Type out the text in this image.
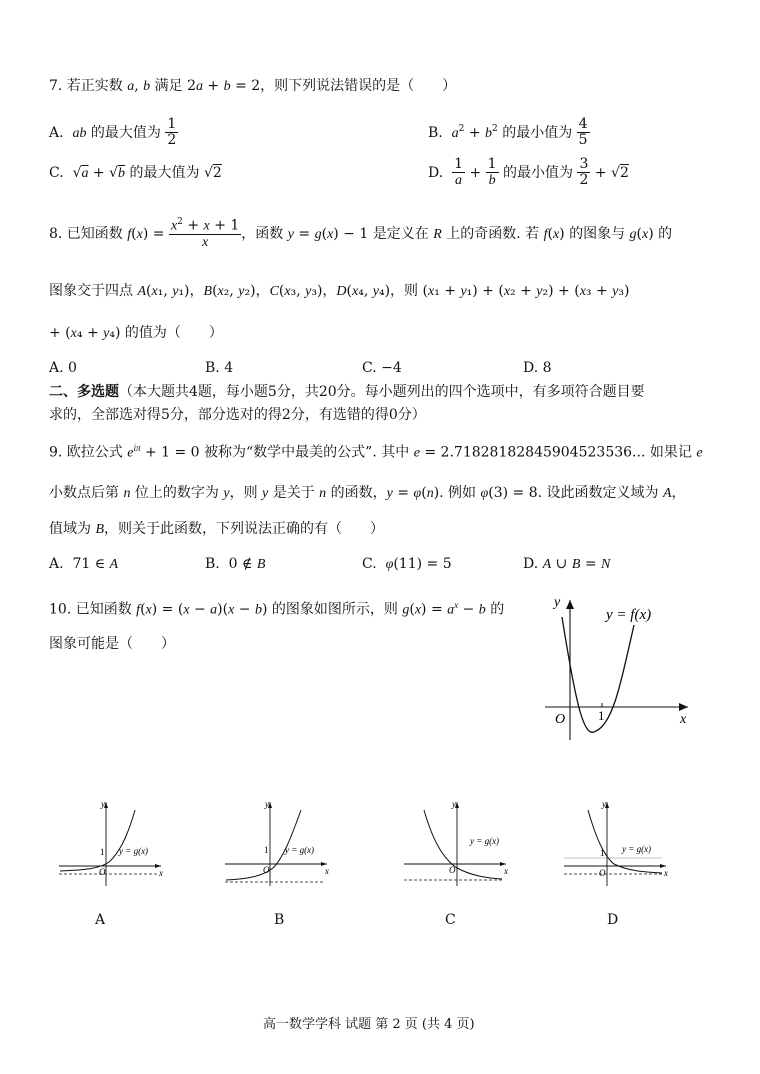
7. 若正实数 a, b 满足 2a + b = 2，则下列说法错误的是（　　）
A.  ab 的最大值为 $\frac{1}{2}$	B.  $a^2 + b^2$ 的最小值为 $\frac{4}{5}$
C.  √a + √b 的最大值为 √2	D. $\frac{1}{a} + \frac{1}{b}$ 的最小值为 $\frac{3}{2} + √2$
8. 已知函数 $f(x) = \frac{x^2 + x + 1}{x}$ ，函数 y = g(x) − 1 是定义在 R 上的奇函数. 若 f(x) 的图象与 g(x) 的
图象交于四点 A(x₁, y₁)，B(x₂, y₂)，C(x₃, y₃)，D(x₄, y₄)，则 (x₁ + y₁) + (x₂ + y₂) + (x₃ + y₃)
+ (x₄ + y₄) 的值为（　　）
A. 0	B. 4	C. −4	D. 8
二、多选题（本大题共4题，每小题5分，共20分。每小题列出的四个选项中，有多项符合题目要
求的，全部选对得5分，部分选对的得2分，有选错的得0分）
9. 欧拉公式 $e^{i\pi} + 1 = 0$ 被称为“数学中最美的公式”. 其中 e = 2.71828182845904523536... 如果记 e
小数点后第 n 位上的数字为 y，则 y 是关于 n 的函数，y = φ(n). 例如 φ(3) = 8. 设此函数定义域为 A，
值域为 B，则关于此函数，下列说法正确的有（　　）
A.  71 ∈ A	B.  0 ∉ B	C.  φ(11) = 5	D. A ∪ B = N
10. 已知函数 f(x) = (x − a)(x − b) 的图象如图所示，则 $g(x) = a^x - b$ 的
图象可能是（　　）
y
x
O	1
y = f(x)
y
x
O
1 y = g(x)
A
y
x
O
1 y = g(x)
B
y
x
O
y = g(x)
C
y
x
O
1 y = g(x)
D
高一数学学科 试题 第 2 页 (共 4 页)
